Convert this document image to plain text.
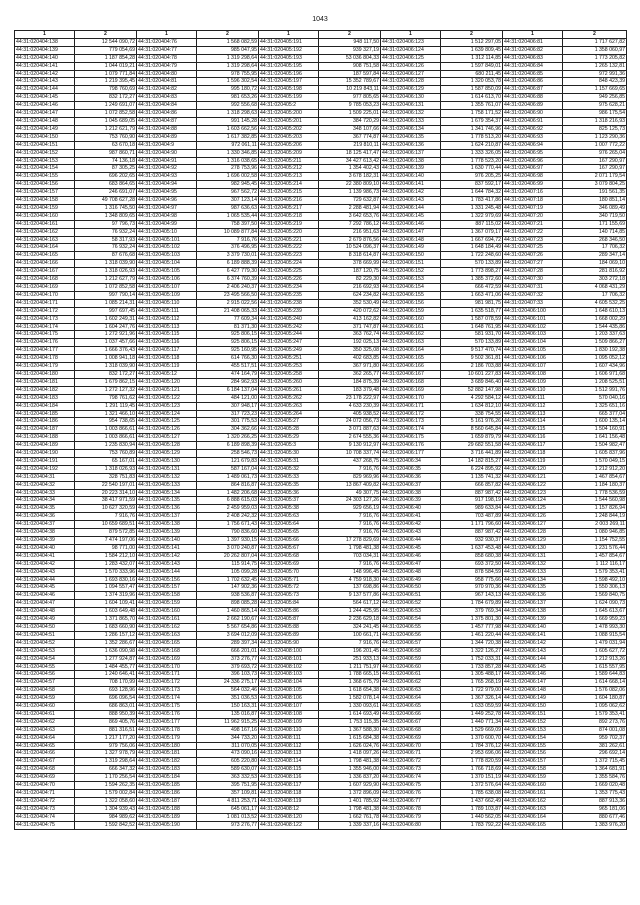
1043
1	2	1	2	1	2	1	2	1	2
44:31:020404:138	12 544 090,72	44:31:020404:76	1 568 082,59	44:31:020405:191	948 117,50	44:31:020406:123	1 512 297,05	44:31:020406:81	1 717 627,82
44:31:020404:139	779 054,69	44:31:020404:77	985 047,95	44:31:020405:192	939 327,19	44:31:020406:124	1 639 809,45	44:31:020406:82	1 358 060,97
44:31:020404:140	1 187 854,28	44:31:020404:78	1 319 298,64	44:31:020405:193	53 036 804,33	44:31:020406:125	1 312 114,85	44:31:020406:83	1 773 205,82
44:31:020404:141	1 044 019,21	44:31:020404:79	1 319 298,64	44:31:020405:195	908 751,58	44:31:020406:126	1 597 849,01	44:31:020406:84	1 265 132,81
44:31:020404:142	1 079 771,84	44:31:020404:80	978 755,95	44:31:020405:196	187 597,84	44:31:020406:127	680 211,45	44:31:020406:85	972 991,36
44:31:020404:143	1 219 395,45	44:31:020404:81	1 596 302,54	44:31:020405:197	15 352 789,67	44:31:020406:128	1 320 053,78	44:31:020406:86	848 423,39
44:31:020404:144	798 760,69	44:31:020404:82	995 180,72	44:31:020405:198	10 219 843,11	44:31:020406:129	1 587 850,09	44:31:020406:87	1 157 669,65
44:31:020404:145	832 172,27	44:31:020404:83	981 653,26	44:31:020405:199	977 805,65	44:31:020406:130	1 614 613,70	44:31:020406:88	949 256,85
44:31:020404:146	1 249 691,07	44:31:020404:84	992 556,68	44:31:020405:2	9 785 053,23	44:31:020406:131	1 355 761,07	44:31:020406:89	975 628,21
44:31:020404:147	1 072 852,58	44:31:020404:86	1 318 298,63	44:31:020405:200	1 509 225,01	44:31:020406:132	1 758 171,52	44:31:020406:90	986 175,54
44:31:020404:148	1 045 689,05	44:31:020404:87	991 145,28	44:31:020405:201	384 720,29	44:31:020406:133	1 679 354,37	44:31:020406:91	1 318 216,93
44:31:020404:149	1 212 621,79	44:31:020404:88	1 603 662,56	44:31:020405:202	348 107,66	44:31:020406:134	1 341 746,96	44:31:020406:92	825 125,73
44:31:020404:150	753 760,90	44:31:020404:89	1 617 382,85	44:31:020405:203	367 774,87	44:31:020406:135	1 778 513,20	44:31:020406:93	1 123 290,36
44:31:020404:151	63 670,18	44:31:020404:9	972 061,11	44:31:020405:206	219 810,11	44:31:020406:136	1 624 210,87	44:31:020406:94	1 007 772,22
44:31:020404:152	987 860,71	44:31:020404:90	1 330 346,85	44:31:020405:209	18 125 417,47	44:31:020406:137	1 333 326,05	44:31:020406:95	976 265,04
44:31:020404:153	74 136,18	44:31:020404:91	1 316 038,65	44:31:020405:211	34 427 613,42	44:31:020406:138	1 778 523,20	44:31:020406:96	167 290,97
44:31:020404:154	87 305,25	44:31:020404:92	278 753,96	44:31:020405:212	1 354 402,43	44:31:020406:139	1 630 770,44	44:31:020406:97	167 290,97
44:31:020404:155	696 202,65	44:31:020404:93	1 696 002,58	44:31:020405:213	3 678 182,31	44:31:020406:140	976 205,25	44:31:020406:98	2 071 179,54
44:31:020404:156	683 864,65	44:31:020404:94	982 945,45	44:31:020405:214	22 380 809,10	44:31:020406:141	837 592,17	44:31:020406:99	3 079 804,25
44:31:020404:157	246 691,07	44:31:020404:95	967 562,72	44:31:020405:215	1 139 986,73	44:31:020406:142	1 644 784,32	44:31:020407:16	191 561,35
44:31:020404:158	49 708 627,28	44:31:020404:96	307 123,14	44:31:020405:216	729 632,87	44:31:020406:143	1 783 417,86	44:31:020407:18	180 851,14
44:31:020404:159	1 316 745,50	44:31:020404:97	987 636,63	44:31:020405:217	2 288 481,94	44:31:020406:144	1 331 245,48	44:31:020407:19	346 089,49
44:31:020404:160	1 348 809,65	44:31:020404:98	1 065 535,44	44:31:020405:218	3 642 653,76	44:31:020406:145	1 322 979,69	44:31:020407:20	340 719,50
44:31:020404:161	97 796,73	44:31:020404:99	758 397,50	44:31:020405:219	7 292 786,12	44:31:020406:146	887 115,02	44:31:020407:21	171 155,69
44:31:020404:162	76 932,24	44:31:020405:10	10 089 877,84	44:31:020405:220	216 951,63	44:31:020406:147	1 367 079,17	44:31:020407:22	140 714,85
44:31:020404:163	58 317,93	44:31:020405:101	7 916,76	44:31:020405:221	2 679 876,56	44:31:020406:148	1 667 694,72	44:31:020407:23	268 346,50
44:31:020404:164	76 932,24	44:31:020405:102	376 496,95	44:31:020405:222	10 524 096,37	44:31:020406:149	1 648 184,49	44:31:020407:25	17 706,32
44:31:020404:165	87 676,68	44:31:020405:103	3 379 730,01	44:31:020405:223	8 318 614,87	44:31:020406:150	1 722 248,60	44:31:020407:26	289 347,14
44:31:020404:166	1 318 039,90	44:31:020405:104	6 189 888,39	44:31:020405:224	378 669,99	44:31:020406:151	570 133,89	44:31:020407:27	184 069,10
44:31:020404:167	1 318 026,93	44:31:020405:105	6 427 779,30	44:31:020405:225	187 120,75	44:31:020406:152	1 773 898,27	44:31:020407:28	281 816,92
44:31:020404:168	1 212 627,79	44:31:020405:106	6 374 760,39	44:31:020405:226	82 229,30	44:31:020406:153	1 385 372,60	44:31:020407:30	303 272,18
44:31:020404:169	1 072 852,58	44:31:020405:107	2 406 240,37	44:31:020405:234	216 692,93	44:31:020406:154	666 472,59	44:31:020407:31	4 068 431,29
44:31:020404:170	997 790,14	44:31:020405:109	23 495 566,50	44:31:020405:235	624 234,82	44:31:020406:155	1 663 471,06	44:31:020407:32	17 706,32
44:31:020404:171	1 085 214,31	44:31:020405:110	2 915 022,56	44:31:020405:238	352 530,49	44:31:020406:156	981 981,75	44:31:020407:33	4 605 532,25
44:31:020404:172	997 697,45	44:31:020405:111	21 408 065,33	44:31:020405:239	420 072,62	44:31:020406:159	1 635 518,77	44:31:020406:100	1 648 610,13
44:31:020404:173	1 602 249,31	44:31:020405:112	77 609,34	44:31:020405:240	413 162,82	44:31:020406:160	1 587 078,59	44:31:020406:101	1 668 002,29
44:31:020404:174	1 604 247,76	44:31:020405:113	81 371,30	44:31:020405:242	371 747,87	44:31:020406:161	1 648 761,95	44:31:020406:102	1 544 435,86
44:31:020404:175	1 272 921,96	44:31:020405:115	925 806,15	44:31:020405:244	363 762,74	44:31:020406:162	581 931,70	44:31:020406:103	1 203 337,63
44:31:020404:176	1 037 457,66	44:31:020405:116	925 806,15	44:31:020405:247	192 025,13	44:31:020406:163	570 133,89	44:31:020406:104	1 509 866,27
44:31:020404:177	1 666 376,43	44:31:020405:117	925 160,95	44:31:020405:249	350 325,08	44:31:020406:164	9 517 470,74	44:31:020406:105	1 830 192,38
44:31:020404:178	1 008 941,18	44:31:020405:118	614 766,30	44:31:020405:251	402 683,85	44:31:020406:165	9 502 361,81	44:31:020406:106	1 095 052,12
44:31:020404:179	1 318 039,90	44:31:020405:119	455 517,51	44:31:020405:253	367 971,80	44:31:020406:166	2 186 703,88	44:31:020406:107	1 607 434,96
44:31:020404:180	832 172,27	44:31:020405:12	474 164,79	44:31:020405:258	362 265,77	44:31:020406:167	10 601 227,83	44:31:020406:108	1 606 971,68
44:31:020404:181	1 679 862,15	44:31:020405:120	284 962,93	44:31:020405:260	184 875,39	44:31:020406:168	3 689 846,40	44:31:020406:109	1 208 525,51
44:31:020404:182	1 272 127,32	44:31:020405:121	6 184 137,04	44:31:020405:261	183 379,48	44:31:020406:169	52 882 147,98	44:31:020406:110	1 512 991,76
44:31:020404:183	798 761,62	44:31:020405:122	484 121,00	44:31:020405:262	23 178 222,97	44:31:020406:170	4 292 584,12	44:31:020406:111	570 040,16
44:31:020404:184	1 291 119,45	44:31:020405:123	307 948,17	44:31:020405:263	4 633 230,39	44:31:020406:171	1 634 812,10	44:31:020406:112	1 325 651,16
44:31:020404:185	1 321 466,10	44:31:020405:124	317 723,23	44:31:020405:264	405 938,52	44:31:020406:172	338 754,55	44:31:020406:113	665 377,04
44:31:020404:186	954 738,65	44:31:020405:125	301 775,53	44:31:020405:27	24 072 056,73	44:31:020406:173	5 161 976,26	44:31:020406:114	1 600 135,14
44:31:020404:187	1 003 866,61	44:31:020405:126	304 362,66	44:31:020405:28	3 071 887,63	44:31:020406:174	8 560 645,84	44:31:020406:115	1 504 160,91
44:31:020404:188	1 003 866,61	44:31:020405:127	1 320 266,25	44:31:020405:29	2 674 555,36	44:31:020406:175	1 659 879,79	44:31:020406:116	1 641 156,48
44:31:020404:189	1 235 830,94	44:31:020405:128	6 189 898,39	44:31:020405:3	9 130 912,97	44:31:020406:176	29 682 551,58	44:31:020406:117	1 504 982,47
44:31:020404:190	753 760,89	44:31:020405:129	258 546,73	44:31:020405:30	10 708 337,74	44:31:020406:177	3 716 441,89	44:31:020406:118	1 605 837,96
44:31:020404:191	65 167,01	44:31:020405:130	121 679,83	44:31:020405:31	437 268,75	44:31:020406:34	14 182 815,27	44:31:020406:119	1 570 049,15
44:31:020404:192	1 318 026,93	44:31:020405:131	587 167,04	44:31:020405:32	7 916,76	44:31:020406:35	6 224 895,92	44:31:020406:120	1 212 912,20
44:31:020404:31	328 751,83	44:31:020405:132	1 489 061,73	44:31:020405:33	829 969,96	44:31:020406:36	1 135 741,32	44:31:020406:121	1 467 854,67
44:31:020404:32	22 540 197,01	44:31:020405:133	864 816,87	44:31:020405:35	13 867 409,82	44:31:020406:37	666 857,82	44:31:020406:122	1 184 180,37
44:31:020404:33	20 223 314,10	44:31:020405:134	1 482 206,68	44:31:020405:36	49 307,75	44:31:020406:38	887 987,42	44:31:020406:123	1 778 536,59
44:31:020404:34	38 417 971,59	44:31:020405:135	6 888 615,03	44:31:020405:37	24 303 127,26	44:31:020406:39	917 198,19	44:31:020406:124	1 544 560,98
44:31:020404:35	10 627 320,59	44:31:020405:136	2 459 959,03	44:31:020405:38	929 656,19	44:31:020406:40	989 633,84	44:31:020406:125	1 157 826,94
44:31:020404:36	7 916,76	44:31:020405:137	2 408 242,32	44:31:020405:63	7 916,76	44:31:020406:41	703 487,89	44:31:020406:126	1 248 844,19
44:31:020404:37	10 659 689,51	44:31:020405:138	1 756 671,43	44:31:020405:64	7 916,76	44:31:020406:42	1 171 796,60	44:31:020406:127	2 003 269,11
44:31:020404:38	879 572,85	44:31:020405:139	790 836,60	44:31:020405:65	7 916,76	44:31:020406:43	887 987,42	44:31:020406:128	1 080 946,85
44:31:020404:39	7 474 197,06	44:31:020405:140	1 397 930,15	44:31:020405:66	17 278 829,69	44:31:020406:44	932 930,37	44:31:020406:129	1 154 752,55
44:31:020404:40	98 771,00	44:31:020405:141	3 070 240,87	44:31:020405:67	1 798 481,38	44:31:020406:45	1 637 453,48	44:31:020406:130	1 231 576,44
44:31:020404:41	1 584 212,10	44:31:020405:142	20 262 807,04	44:31:020405:68	703 034,31	44:31:020406:46	858 680,38	44:31:020406:131	1 457 854,67
44:31:020404:42	1 283 432,07	44:31:020405:143	115 914,75	44:31:020405:69	7 916,76	44:31:020406:47	693 372,50	44:31:020406:132	1 112 116,17
44:31:020404:43	1 570 333,96	44:31:020405:144	105 099,28	44:31:020405:70	148 996,45	44:31:020406:48	878 584,59	44:31:020406:133	1 579 353,41
44:31:020404:44	1 693 830,16	44:31:020405:156	1 702 632,45	44:31:020405:71	4 759 918,30	44:31:020406:49	958 775,66	44:31:020406:134	1 598 492,10
44:31:020404:45	1 094 557,47	44:31:020405:157	147 902,36	44:31:020405:72	137 698,86	44:31:020406:50	970 970,36	44:31:020406:135	1 550 306,13
44:31:020404:46	1 374 319,96	44:31:020405:158	938 536,87	44:31:020405:73	9 137 577,86	44:31:020406:51	967 143,13	44:31:020406:136	1 569 840,75
44:31:020404:47	1 604 109,41	44:31:020405:159	898 085,28	44:31:020405:84	564 617,12	44:31:020406:52	1 784 679,89	44:31:020406:137	1 624 090,73
44:31:020404:48	1 603 649,48	44:31:020405:160	1 460 865,14	44:31:020405:86	1 244 425,95	44:31:020406:53	379 769,34	44:31:020406:138	1 645 613,67
44:31:020404:49	1 371 865,70	44:31:020405:161	2 662 190,67	44:31:020405:87	2 236 629,18	44:31:020406:54	1 375 801,30	44:31:020406:139	1 669 959,23
44:31:020404:50	1 683 660,90	44:31:020405:162	5 567 654,86	44:31:020405:88	324 241,45	44:31:020406:55	1 457 777,98	44:31:020406:140	1 478 993,30
44:31:020404:51	1 286 157,12	44:31:020405:163	3 694 012,09	44:31:020405:89	100 661,71	44:31:020406:56	1 461 220,44	44:31:020406:141	1 088 915,54
44:31:020404:52	1 352 286,67	44:31:020405:165	289 397,34	44:31:020405:90	7 916,76	44:31:020406:57	1 344 720,38	44:31:020406:142	1 479 031,94
44:31:020404:53	1 636 090,98	44:31:020405:168	666 201,01	44:31:020408:100	196 201,45	44:31:020406:58	1 322 126,27	44:31:020406:143	1 605 627,72
44:31:020404:54	1 277 924,87	44:31:020405:169	373 276,77	44:31:020408:101	251 933,13	44:31:020406:59	1 752 033,31	44:31:020406:144	1 212 913,26
44:31:020404:55	1 484 455,77	44:31:020405:170	379 693,72	44:31:020408:102	1 211 751,97	44:31:020406:60	1 733 857,28	44:31:020406:145	1 615 557,95
44:31:020404:56	1 240 646,41	44:31:020405:171	396 103,73	44:31:020408:103	1 788 665,15	44:31:020406:61	1 305 488,17	44:31:020406:146	1 589 644,83
44:31:020404:57	708 170,99	44:31:020405:172	24 336 275,17	44:31:020408:104	1 368 675,79	44:31:020406:62	1 765 268,19	44:31:020406:147	1 614 668,14
44:31:020404:58	693 128,96	44:31:020405:173	564 032,46	44:31:020408:105	1 618 654,38	44:31:020406:63	1 722 979,00	44:31:020406:148	1 576 082,06
44:31:020404:59	696 096,54	44:31:020405:174	351 036,53	44:31:020408:106	1 582 078,14	44:31:020406:64	1 367 326,14	44:31:020406:149	1 604 180,87
44:31:020404:60	686 863,01	44:31:020405:175	150 163,31	44:31:020408:107	1 330 093,61	44:31:020406:65	1 633 059,59	44:31:020406:150	1 095 062,62
44:31:020404:61	888 950,39	44:31:020405:176	135 016,87	44:31:020408:108	1 614 693,49	44:31:020406:66	1 449 252,78	44:31:020406:151	1 579 353,41
44:31:020404:62	869 405,76	44:31:020405:177	11 962 915,25	44:31:020408:109	1 753 115,35	44:31:020406:67	1 440 771,34	44:31:020406:152	892 273,76
44:31:020404:63	881 316,51	44:31:020405:178	498 167,16	44:31:020408:110	1 367 588,30	44:31:020406:68	1 529 669,09	44:31:020406:153	874 001,08
44:31:020404:64	1 217 177,20	44:31:020405:179	344 733,20	44:31:020408:111	1 615 684,38	44:31:020406:69	1 370 600,70	44:31:020406:154	959 702,37
44:31:020404:65	979 756,06	44:31:020405:180	311 070,05	44:31:020408:112	1 626 024,76	44:31:020406:70	1 784 376,12	44:31:020406:155	381 262,61
44:31:020404:66	1 327 978,79	44:31:020405:181	473 090,16	44:31:020408:113	1 418 097,26	44:31:020406:71	2 953 696,06	44:31:020406:156	296 692,14
44:31:020404:67	1 319 298,64	44:31:020405:182	605 220,80	44:31:020408:114	1 798 481,38	44:31:020406:72	1 778 820,59	44:31:020406:157	1 372 715,45
44:31:020404:68	666 347,32	44:31:020405:183	589 630,07	44:31:020408:115	1 355 946,00	44:31:020406:73	1 766 718,69	44:31:020406:158	1 364 681,91
44:31:020404:69	1 170 256,54	44:31:020405:184	363 332,53	44:31:020408:116	1 336 837,20	44:31:020406:74	1 370 151,19	44:31:020406:159	1 355 584,76
44:31:020404:70	1 594 262,35	44:31:020405:185	395 751,95	44:31:020408:117	1 607 929,90	44:31:020406:75	1 372 576,64	44:31:020406:160	1 669 020,48
44:31:020404:71	1 579 002,84	44:31:020405:186	357 109,81	44:31:020408:118	1 372 896,09	44:31:020406:76	1 785 638,08	44:31:020406:161	1 353 775,43
44:31:020404:72	1 322 058,60	44:31:020405:187	4 811 253,71	44:31:020408:119	1 401 785,92	44:31:020406:77	1 437 662,49	44:31:020406:162	887 913,36
44:31:020404:73	1 304 939,43	44:31:020405:188	645 061,17	44:31:020408:12	1 798 481,38	44:31:020406:78	1 789 103,87	44:31:020406:163	965 181,06
44:31:020404:74	984 989,62	44:31:020405:189	1 081 013,52	44:31:020408:120	1 662 761,78	44:31:020406:79	1 440 562,05	44:31:020406:164	880 677,46
44:31:020404:75	1 592 842,52	44:31:020405:190	973 276,77	44:31:020408:122	1 339 337,16	44:31:020406:80	1 783 792,22	44:31:020406:165	1 383 976,20
